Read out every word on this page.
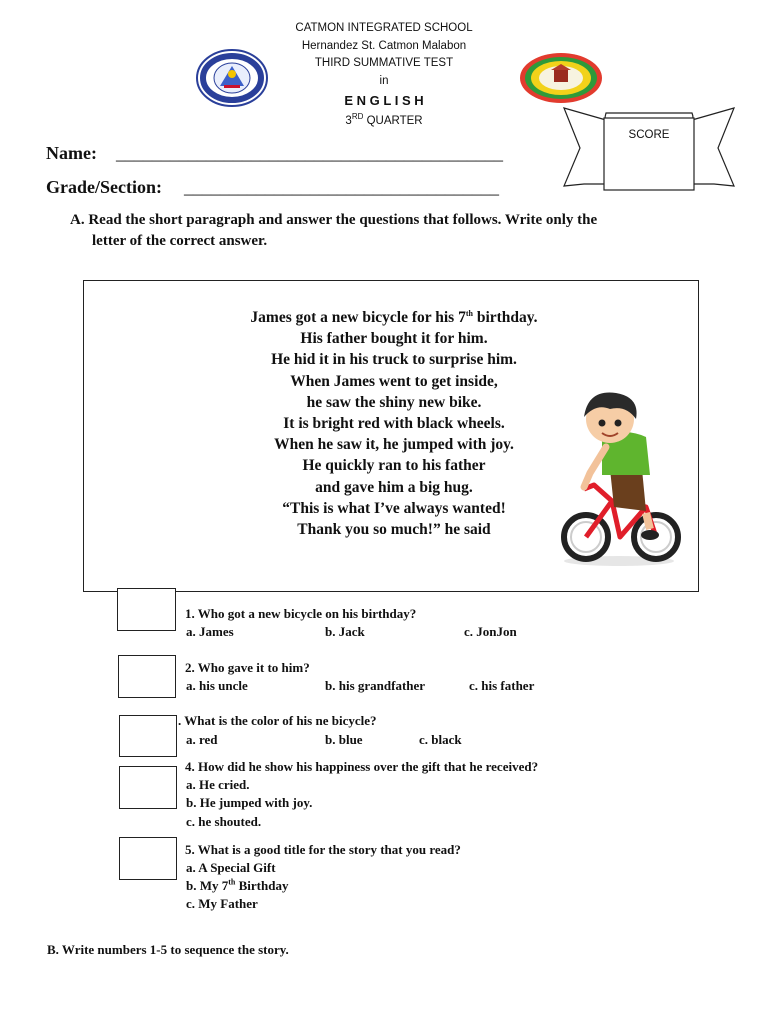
CATMON INTEGRATED SCHOOL
Hernandez St. Catmon Malabon
THIRD SUMMATIVE TEST
in
E N G L I S H
3RD QUARTER
SCORE
Name: ___________________________________________
Grade/Section: ___________________________________
A. Read the short paragraph and answer the questions that follows. Write only the
letter of the correct answer.
James got a new bicycle for his 7th birthday.
His father bought it for him.
He hid it in his truck to surprise him.
When James went to get inside,
he saw the shiny new bike.
It is bright red with black wheels.
When he saw it, he jumped with joy.
He quickly ran to his father
and gave him a big hug.
“This is what I’ve always wanted!
Thank you so much!” he said
1. Who got a new bicycle on his birthday?
a. James	b. Jack	c. JonJon
2. Who gave it to him?
a. his uncle	b. his grandfather	c. his father
. What is the color of his ne bicycle?
a. red	b. blue	c. black
4. How did he show his happiness over the gift that he received?
a. He cried.
b. He jumped with joy.
c. he shouted.
5. What is a good title for the story that you read?
a. A Special Gift
b. My 7th Birthday
c. My Father
B. Write numbers 1-5 to sequence the story.
